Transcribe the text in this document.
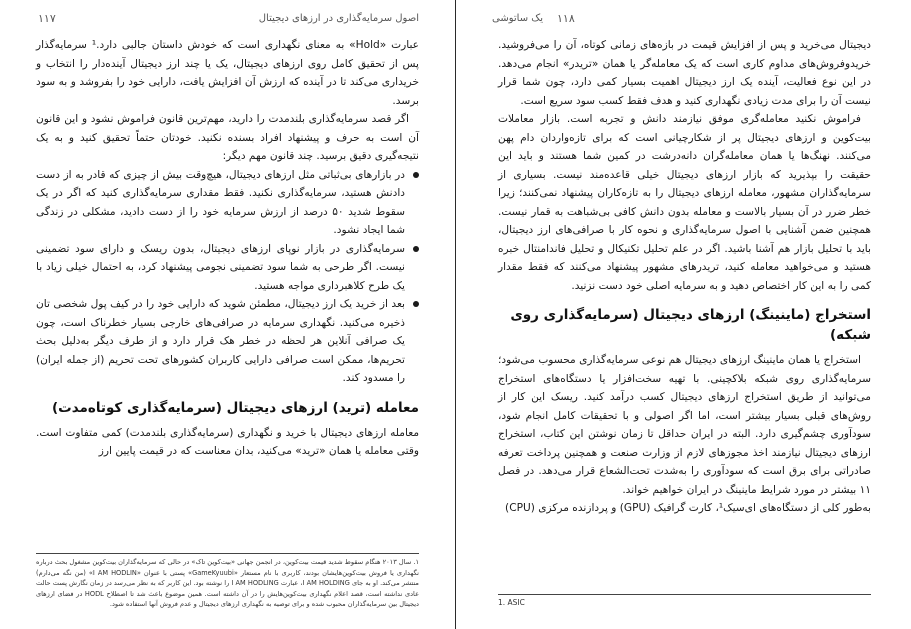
۱۱۷	اصول سرمایه‌گذاری در ارزهای دیجیتال

عبارت «Hold» به معنای نگهداری است که خودش داستان جالبی دارد.¹ سرمایه‌گذار پس از تحقیق کامل روی ارزهای دیجیتال، یک یا چند ارز دیجیتال آینده‌دار را انتخاب و خریداری می‌کند تا در آینده که ارزش آن افزایش یافت، دارایی خود را بفروشد و به سود برسد.

اگر قصد سرمایه‌گذاری بلندمدت را دارید، مهم‌ترین قانون فراموش نشود و این قانون آن است به حرف و پیشنهاد افراد بسنده نکنید. خودتان حتماً تحقیق کنید و به یک نتیجه‌گیری دقیق برسید. چند قانون مهم دیگر:

در بازارهای بی‌ثباتی مثل ارزهای دیجیتال، هیچ‌وقت بیش از چیزی که قادر به از دست دادنش هستید، سرمایه‌گذاری نکنید. فقط مقداری سرمایه‌گذاری کنید که اگر در یک سقوط شدید ۵۰ درصد از ارزش سرمایه خود را از دست دادید، مشکلی در زندگی شما ایجاد نشود.
سرمایه‌گذاری در بازار نوپای ارزهای دیجیتال، بدون ریسک و دارای سود تضمینی نیست. اگر طرحی به شما سود تضمینی نجومی پیشنهاد کرد، به احتمال خیلی زیاد با یک طرح کلاهبرداری مواجه هستید.
بعد از خرید یک ارز دیجیتال، مطمئن شوید که دارایی خود را در کیف پول شخصی تان ذخیره می‌کنید. نگهداری سرمایه در صرافی‌های خارجی بسیار خطرناک است، چون یک صرافی آنلاین هر لحظه در خطر هک قرار دارد و از طرف دیگر به‌دلیل بحث تحریم‌ها، ممکن است صرافی دارایی کاربران کشورهای تحت تحریم (از جمله ایران) را مسدود کند.
معامله (ترید) ارزهای دیجیتال (سرمایه‌گذاری کوتاه‌مدت)

معامله ارزهای دیجیتال با خرید و نگهداری (سرمایه‌گذاری بلندمدت) کمی متفاوت است. وقتی معامله یا همان «ترید» می‌کنید، بدان معناست که در قیمت پایین ارز

۱. سال ۲۰۱۳ هنگام سقوط شدید قیمت بیت‌کوین، در انجمن جهانی «بیت‌کوین تاک» در حالی که سرمایه‌گذاران بیت‌کوین مشغول بحث درباره نگهداری یا فروش بیت‌کوین‌هایشان بودند، کاربری با نام مستعار «GameKyuubi» پستی با عنوان «I AM HODLIN» (من نگه می‌دارم) منتشر می‌کند. او به جای I AM HOLDING، عبارت I AM HODLING را نوشته بود. این کاربر که به نظر می‌رسد در زمان نگارش پست حالت عادی نداشته است، قصد اعلام نگهداری بیت‌کوین‌هایش را در آن داشته است. همین موضوع باعث شد تا اصطلاح HODL در فضای ارزهای دیجیتال بین سرمایه‌گذاران محبوب شده و برای توصیه به نگهداری ارزهای دیجیتال و عدم فروش آنها استفاده شود.

۱۱۸
یک ساتوشی

دیجیتال می‌خرید و پس از افزایش قیمت در بازه‌های زمانی کوتاه، آن را می‌فروشید. خریدوفروش‌های مداوم کاری است که یک معامله‌گر یا همان «تریدر» انجام می‌دهد. در این نوع فعالیت، آینده یک ارز دیجیتال اهمیت بسیار کمی دارد، چون شما قرار نیست آن را برای مدت زیادی نگهداری کنید و هدف فقط کسب سود سریع است.

فراموش نکنید معامله‌گری موفق نیازمند دانش و تجربه است. بازار معاملات بیت‌کوین و ارزهای دیجیتال پر از شکارچیانی است که برای تازه‌واردان دام پهن می‌کنند. نهنگ‌ها یا همان معامله‌گران دانه‌درشت در کمین شما هستند و باید این حقیقت را بپذیرید که بازار ارزهای دیجیتال خیلی قاعده‌مند نیست. بسیاری از سرمایه‌گذاران مشهور، معامله ارزهای دیجیتال را به تازه‌کاران پیشنهاد نمی‌کنند؛ زیرا خطر ضرر در آن بسیار بالاست و معامله بدون دانش کافی بی‌شباهت به قمار نیست. همچنین ضمن آشنایی با اصول سرمایه‌گذاری و نحوه کار با صرافی‌های ارز دیجیتال، باید با تحلیل بازار هم آشنا باشید. اگر در علم تحلیل تکنیکال و تحلیل فاندامنتال خبره هستید و می‌خواهید معامله کنید، تریدرهای مشهور پیشنهاد می‌کنند که فقط مقدار کمی را به این کار اختصاص دهید و به سرمایه اصلی خود دست نزنید.

استخراج (ماینینگ) ارزهای دیجیتال (سرمایه‌گذاری روی شبکه)

استخراج یا همان ماینینگ ارزهای دیجیتال هم نوعی سرمایه‌گذاری محسوب می‌شود؛ سرمایه‌گذاری روی شبکه بلاکچینی. با تهیه سخت‌افزار یا دستگاه‌های استخراج می‌توانید از طریق استخراج ارزهای دیجیتال کسب درآمد کنید. ریسک این کار از روش‌های قبلی بسیار بیشتر است، اما اگر اصولی و با تحقیقات کامل انجام شود، سودآوری چشم‌گیری دارد. البته در ایران حداقل تا زمان نوشتن این کتاب، استخراج ارزهای دیجیتال نیازمند اخذ مجوزهای لازم از وزارت صنعت و همچنین پرداخت تعرفه صادراتی برای برق است که سودآوری را به‌شدت تحت‌الشعاع قرار می‌دهد. در فصل ۱۱ بیشتر در مورد شرایط ماینینگ در ایران خواهیم خواند.

به‌طور کلی از دستگاه‌های ای‌سیک¹، کارت گرافیک (GPU) و پردازنده مرکزی (CPU)

1. ASIC
